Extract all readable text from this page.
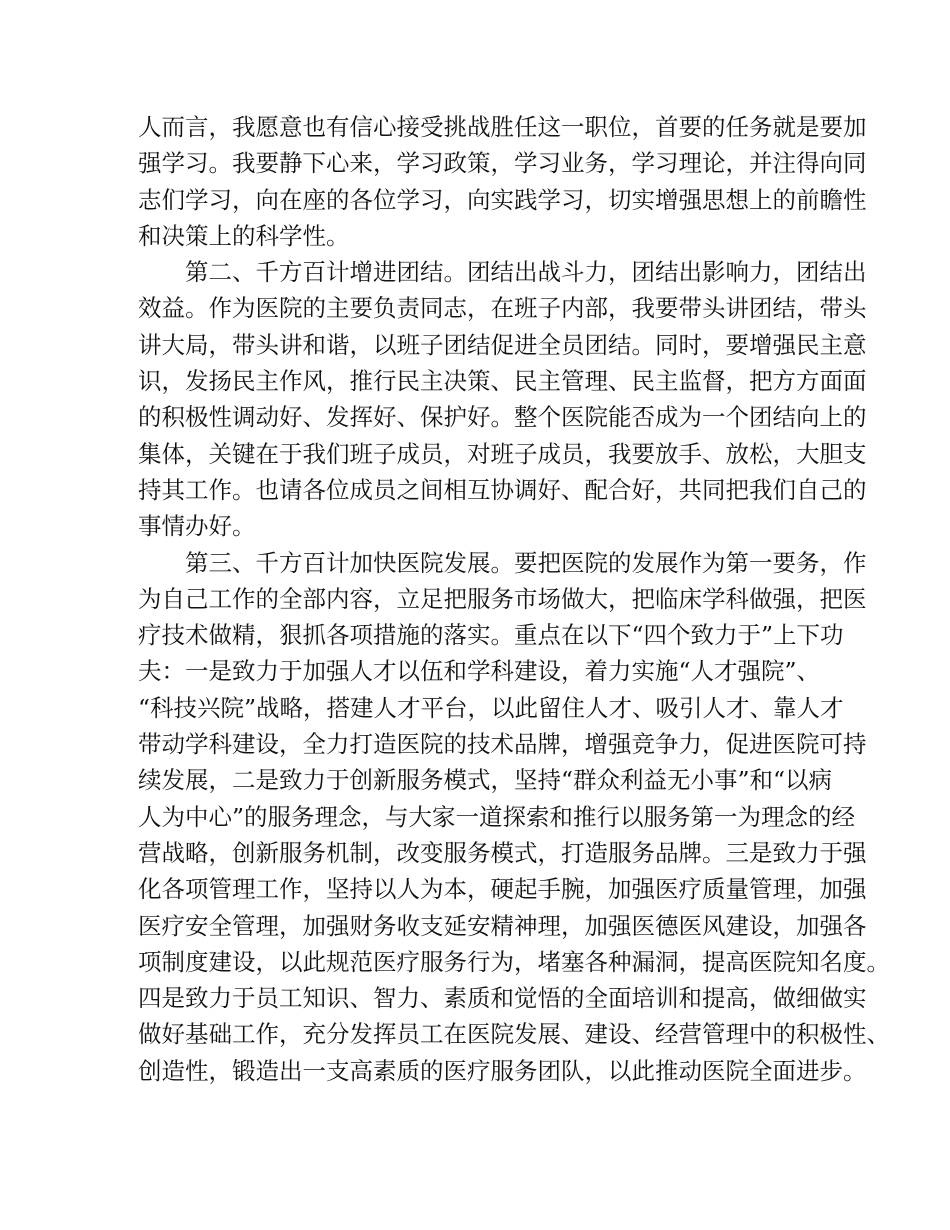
人而言，我愿意也有信心接受挑战胜任这一职位，首要的任务就是要加
强学习。我要静下心来，学习政策，学习业务，学习理论，并注得向同
志们学习，向在座的各位学习，向实践学习，切实增强思想上的前瞻性
和决策上的科学性。
第二、千方百计增进团结。团结出战斗力，团结出影响力，团结出
效益。作为医院的主要负责同志，在班子内部，我要带头讲团结，带头
讲大局，带头讲和谐，以班子团结促进全员团结。同时，要增强民主意
识，发扬民主作风，推行民主决策、民主管理、民主监督，把方方面面
的积极性调动好、发挥好、保护好。整个医院能否成为一个团结向上的
集体，关键在于我们班子成员，对班子成员，我要放手、放松，大胆支
持其工作。也请各位成员之间相互协调好、配合好，共同把我们自己的
事情办好。
第三、千方百计加快医院发展。要把医院的发展作为第一要务，作
为自己工作的全部内容，立足把服务市场做大，把临床学科做强，把医
疗技术做精，狠抓各项措施的落实。重点在以下“四个致力于”上下功
夫：一是致力于加强人才以伍和学科建设，着力实施“人才强院”、
“科技兴院”战略，搭建人才平台，以此留住人才、吸引人才、靠人才
带动学科建设，全力打造医院的技术品牌，增强竞争力，促进医院可持
续发展，二是致力于创新服务模式，坚持“群众利益无小事”和“以病
人为中心”的服务理念，与大家一道探索和推行以服务第一为理念的经
营战略，创新服务机制，改变服务模式，打造服务品牌。三是致力于强
化各项管理工作，坚持以人为本，硬起手腕，加强医疗质量管理，加强
医疗安全管理，加强财务收支延安精神理，加强医德医风建设，加强各
项制度建设，以此规范医疗服务行为，堵塞各种漏洞，提高医院知名度。
四是致力于员工知识、智力、素质和觉悟的全面培训和提高，做细做实
做好基础工作，充分发挥员工在医院发展、建设、经营管理中的积极性、
创造性，锻造出一支高素质的医疗服务团队，以此推动医院全面进步。
